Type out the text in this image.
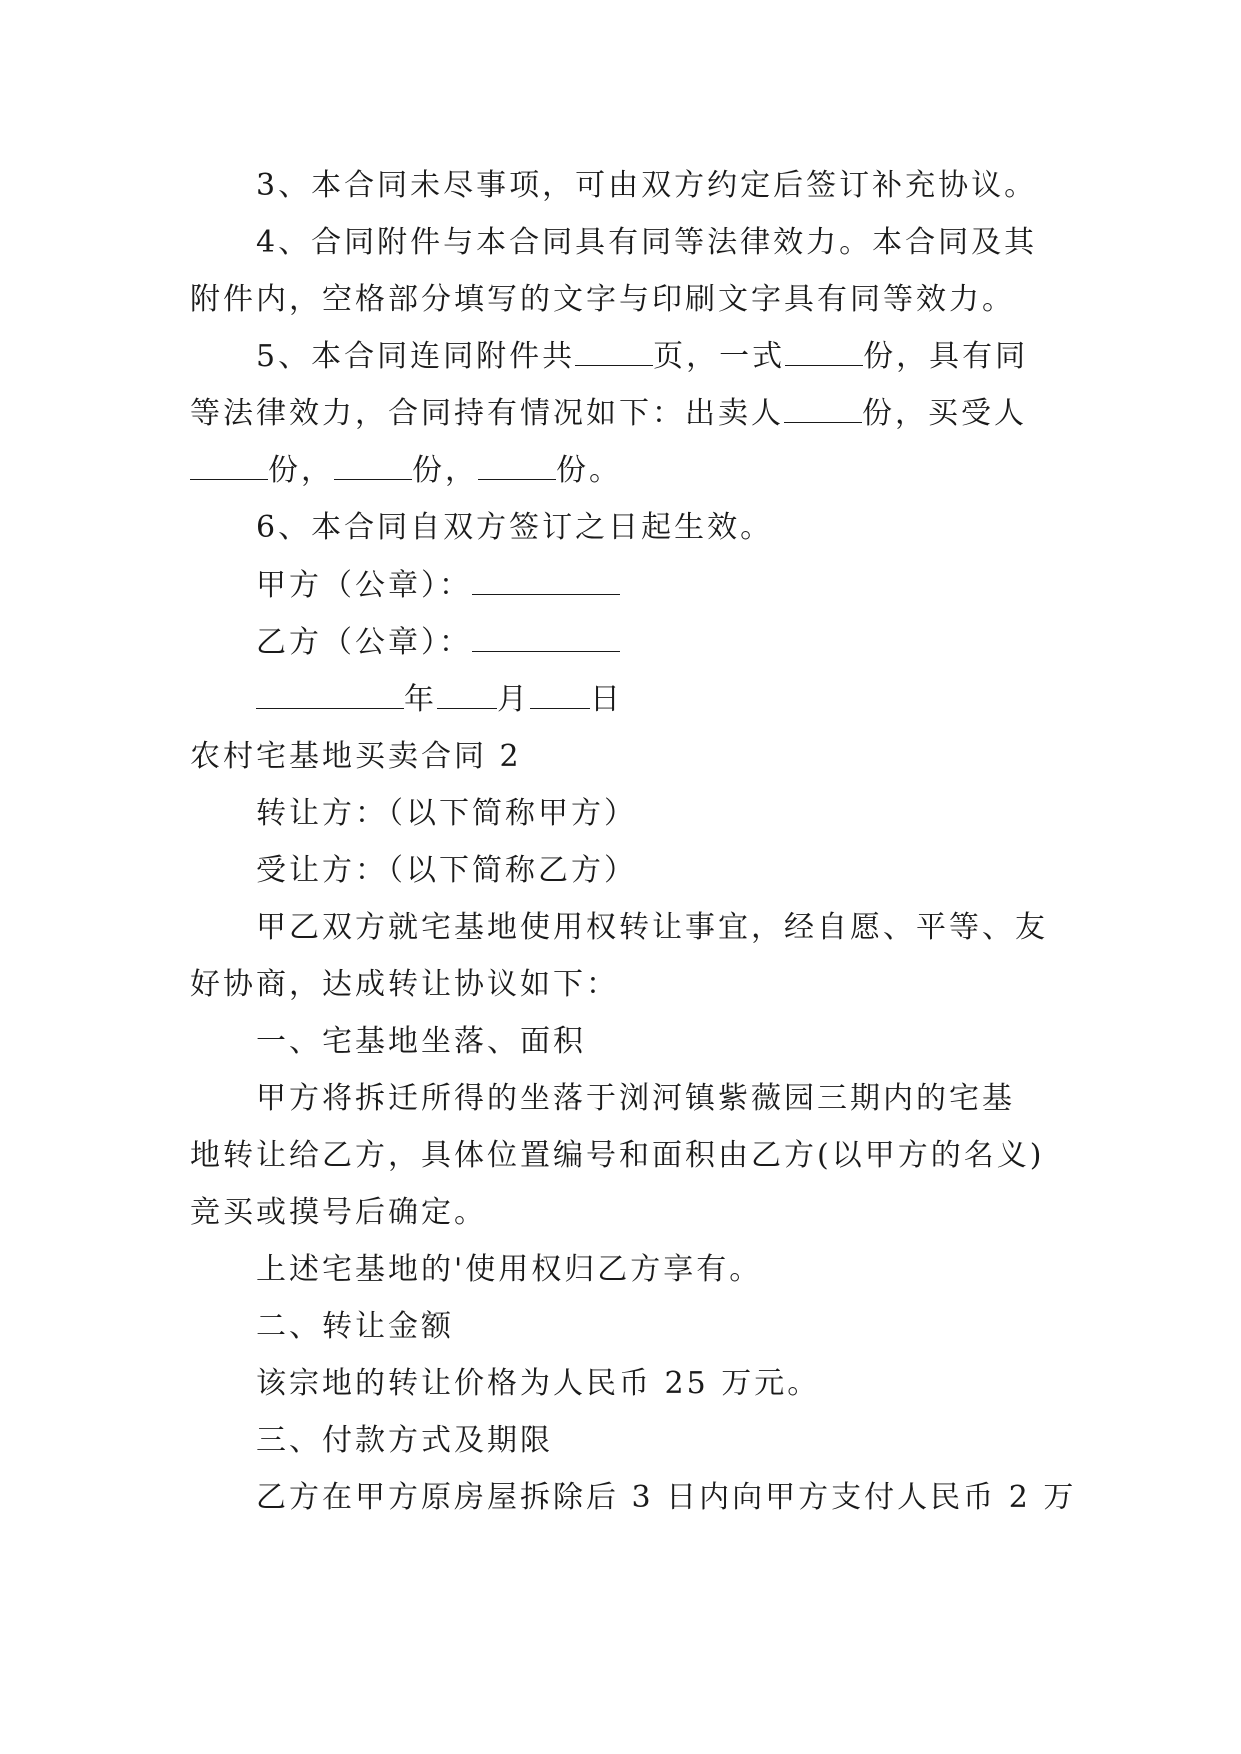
3、本合同未尽事项，可由双方约定后签订补充协议。
4、合同附件与本合同具有同等法律效力。本合同及其
附件内，空格部分填写的文字与印刷文字具有同等效力。
5、本合同连同附件共	页，一式	份，具有同
等法律效力，合同持有情况如下：出卖人	份，买受人
份，	份，	份。
6、本合同自双方签订之日起生效。
甲方（公章）：
乙方（公章）：
年 月 日
农村宅基地买卖合同 2
转让方：（以下简称甲方）
受让方：（以下简称乙方）
甲乙双方就宅基地使用权转让事宜，经自愿、平等、友
好协商，达成转让协议如下：
一、宅基地坐落、面积
甲方将拆迁所得的坐落于浏河镇紫薇园三期内的宅基
地转让给乙方，具体位置编号和面积由乙方(以甲方的名义)
竞买或摸号后确定。
上述宅基地的'使用权归乙方享有。
二、转让金额
该宗地的转让价格为人民币 25 万元。
三、付款方式及期限
乙方在甲方原房屋拆除后 3 日内向甲方支付人民币 2 万
